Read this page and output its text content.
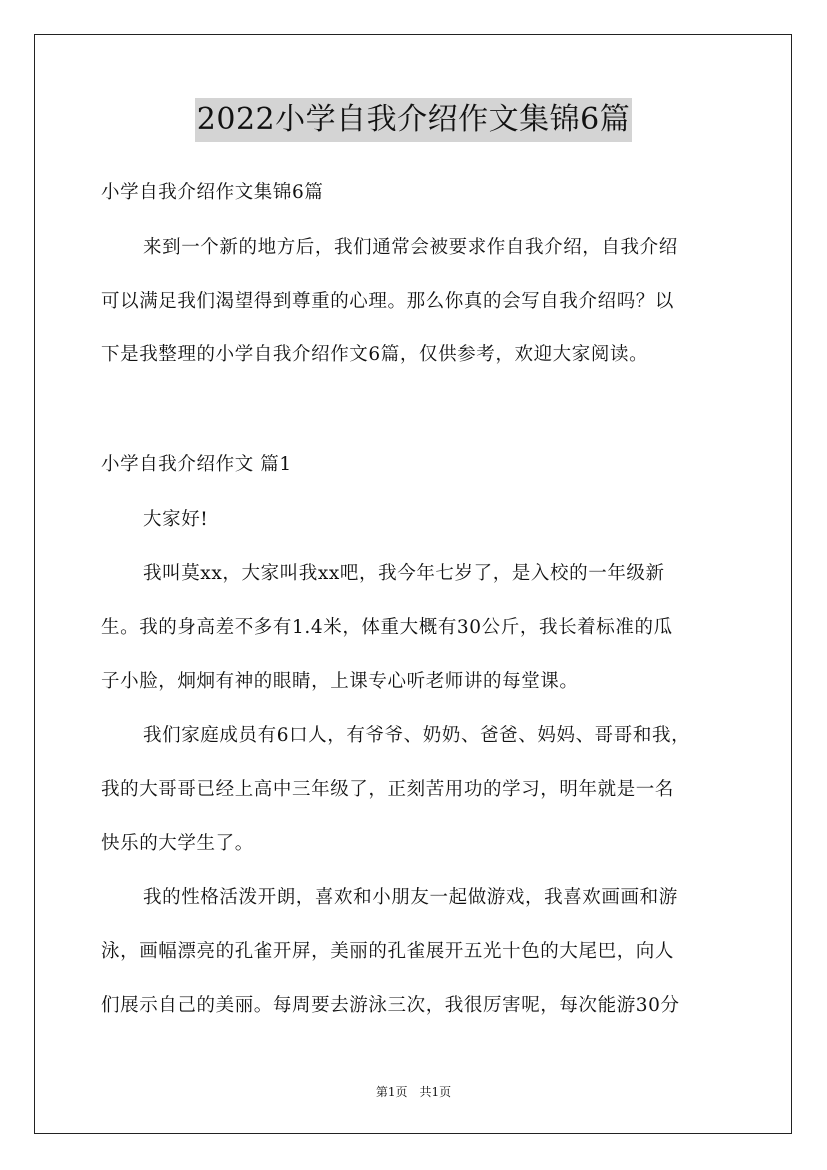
2022小学自我介绍作文集锦6篇
小学自我介绍作文集锦6篇
来到一个新的地方后，我们通常会被要求作自我介绍，自我介绍
可以满足我们渴望得到尊重的心理。那么你真的会写自我介绍吗？以
下是我整理的小学自我介绍作文6篇，仅供参考，欢迎大家阅读。
小学自我介绍作文 篇1
大家好!
我叫莫xx，大家叫我xx吧，我今年七岁了，是入校的一年级新
生。我的身高差不多有1.4米，体重大概有30公斤，我长着标准的瓜
子小脸，炯炯有神的眼睛，上课专心听老师讲的每堂课。
我们家庭成员有6口人，有爷爷、奶奶、爸爸、妈妈、哥哥和我，
我的大哥哥已经上高中三年级了，正刻苦用功的学习，明年就是一名
快乐的大学生了。
我的性格活泼开朗，喜欢和小朋友一起做游戏，我喜欢画画和游
泳，画幅漂亮的孔雀开屏，美丽的孔雀展开五光十色的大尾巴，向人
们展示自己的美丽。每周要去游泳三次，我很厉害呢，每次能游30分
第1页　共1页
